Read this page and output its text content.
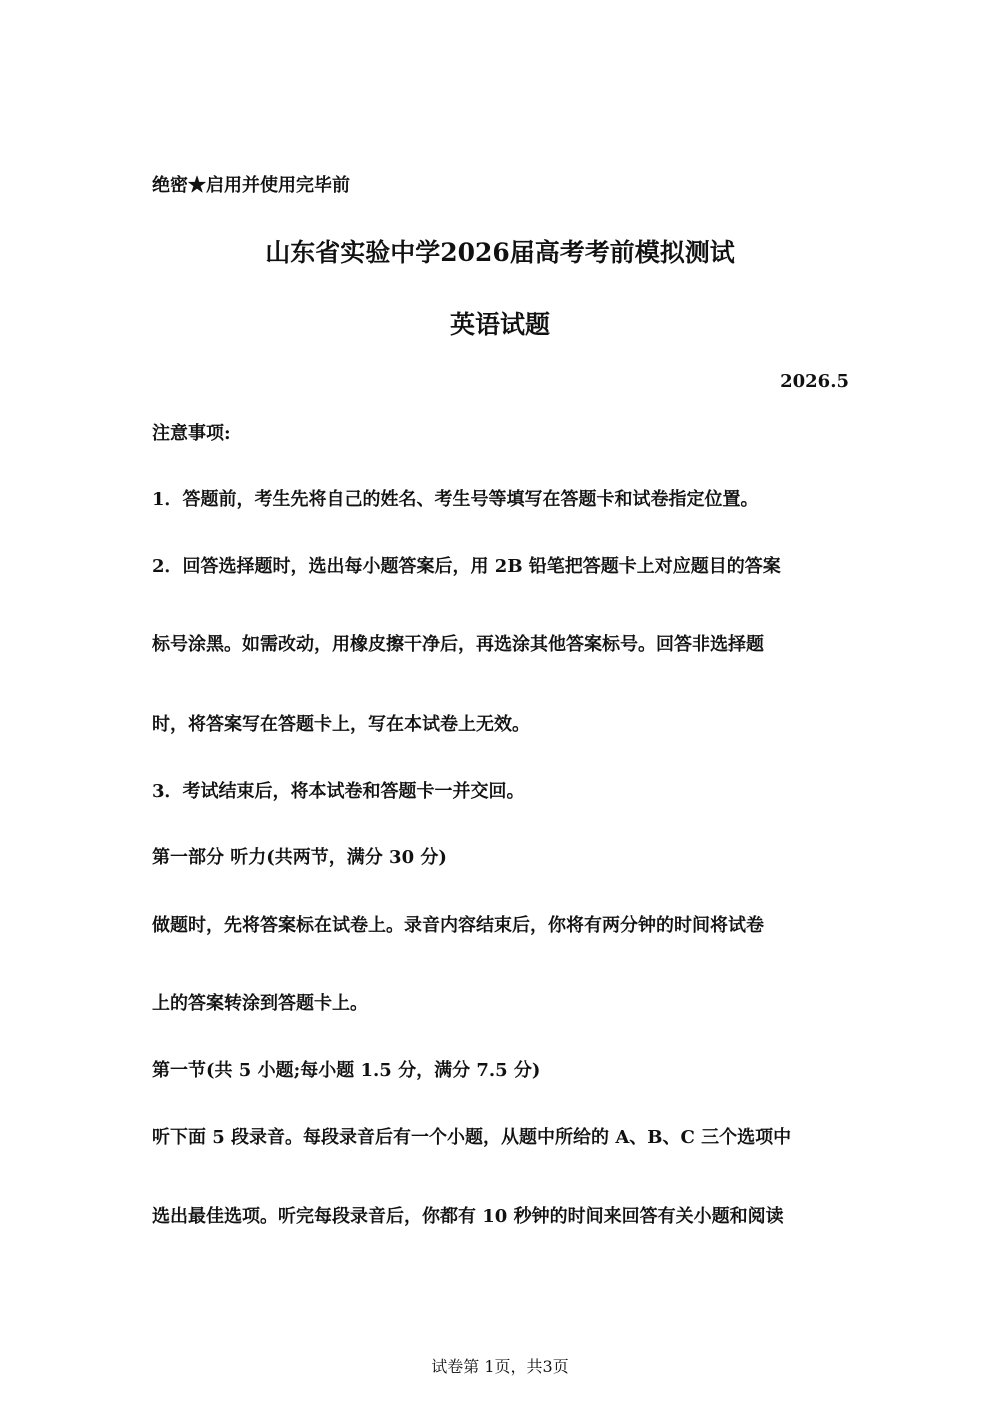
绝密★启用并使用完毕前
山东省实验中学2026届高考考前模拟测试
英语试题
2026.5
注意事项:
1．答题前，考生先将自己的姓名、考生号等填写在答题卡和试卷指定位置。
2．回答选择题时，选出每小题答案后，用 2B 铅笔把答题卡上对应题目的答案
标号涂黑。如需改动，用橡皮擦干净后，再选涂其他答案标号。回答非选择题
时，将答案写在答题卡上，写在本试卷上无效。
3．考试结束后，将本试卷和答题卡一并交回。
第一部分 听力(共两节，满分 30 分)
做题时，先将答案标在试卷上。录音内容结束后，你将有两分钟的时间将试卷
上的答案转涂到答题卡上。
第一节(共 5 小题;每小题 1.5 分，满分 7.5 分)
听下面 5 段录音。每段录音后有一个小题，从题中所给的 A、B、C 三个选项中
选出最佳选项。听完每段录音后，你都有 10 秒钟的时间来回答有关小题和阅读
试卷第 1页，共3页
